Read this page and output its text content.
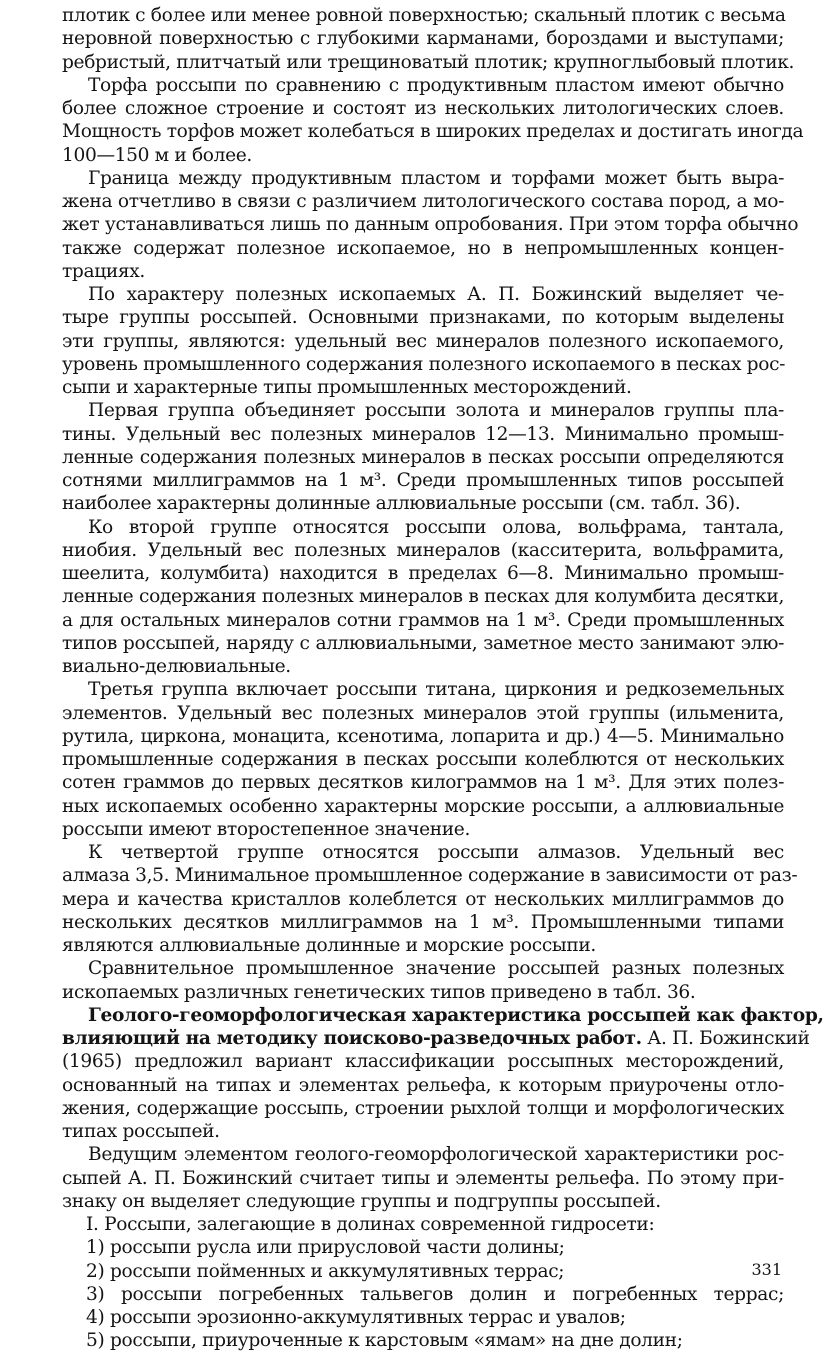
плотик с более или менее ровной поверхностью; скальный плотик с весьма
неровной поверхностью с глубокими карманами, бороздами и выступами;
ребристый, плитчатый или трещиноватый плотик; крупноглыбовый плотик.
Торфа россыпи по сравнению с продуктивным пластом имеют обычно
более сложное строение и состоят из нескольких литологических слоев.
Мощность торфов может колебаться в широких пределах и достигать иногда
100—150 м и более.
Граница между продуктивным пластом и торфами может быть выра-
жена отчетливо в связи с различием литологического состава пород, а мо-
жет устанавливаться лишь по данным опробования. При этом торфа обычно
также содержат полезное ископаемое, но в непромышленных концен-
трациях.
По характеру полезных ископаемых А. П. Божинский выделяет че-
тыре группы россыпей. Основными признаками, по которым выделены
эти группы, являются: удельный вес минералов полезного ископаемого,
уровень промышленного содержания полезного ископаемого в песках рос-
сыпи и характерные типы промышленных месторождений.
Первая группа объединяет россыпи золота и минералов группы пла-
тины. Удельный вес полезных минералов 12—13. Минимально промыш-
ленные содержания полезных минералов в песках россыпи определяются
сотнями миллиграммов на 1 м³. Среди промышленных типов россыпей
наиболее характерны долинные аллювиальные россыпи (см. табл. 36).
Ко второй группе относятся россыпи олова, вольфрама, тантала,
ниобия. Удельный вес полезных минералов (касситерита, вольфрамита,
шеелита, колумбита) находится в пределах 6—8. Минимально промыш-
ленные содержания полезных минералов в песках для колумбита десятки,
а для остальных минералов сотни граммов на 1 м³. Среди промышленных
типов россыпей, наряду с аллювиальными, заметное место занимают элю-
виально-делювиальные.
Третья группа включает россыпи титана, циркония и редкоземельных
элементов. Удельный вес полезных минералов этой группы (ильменита,
рутила, циркона, монацита, ксенотима, лопарита и др.) 4—5. Минимально
промышленные содержания в песках россыпи колеблются от нескольких
сотен граммов до первых десятков килограммов на 1 м³. Для этих полез-
ных ископаемых особенно характерны морские россыпи, а аллювиальные
россыпи имеют второстепенное значение.
К четвертой группе относятся россыпи алмазов. Удельный вес
алмаза 3,5. Минимальное промышленное содержание в зависимости от раз-
мера и качества кристаллов колеблется от нескольких миллиграммов до
нескольких десятков миллиграммов на 1 м³. Промышленными типами
являются аллювиальные долинные и морские россыпи.
Сравнительное промышленное значение россыпей разных полезных
ископаемых различных генетических типов приведено в табл. 36.
Геолого-геоморфологическая характеристика россыпей как фактор,
влияющий на методику поисково-разведочных работ. А. П. Божинский
(1965) предложил вариант классификации россыпных месторождений,
основанный на типах и элементах рельефа, к которым приурочены отло-
жения, содержащие россыпь, строении рыхлой толщи и морфологических
типах россыпей.
Ведущим элементом геолого-геоморфологической характеристики рос-
сыпей А. П. Божинский считает типы и элементы рельефа. По этому при-
знаку он выделяет следующие группы и подгруппы россыпей.
I. Россыпи, залегающие в долинах современной гидросети:
1) россыпи русла или прирусловой части долины;
2) россыпи пойменных и аккумулятивных террас;
3) россыпи погребенных тальвегов долин и погребенных террас;
4) россыпи эрозионно-аккумулятивных террас и увалов;
5) россыпи, приуроченные к карстовым «ямам» на дне долин;
331
